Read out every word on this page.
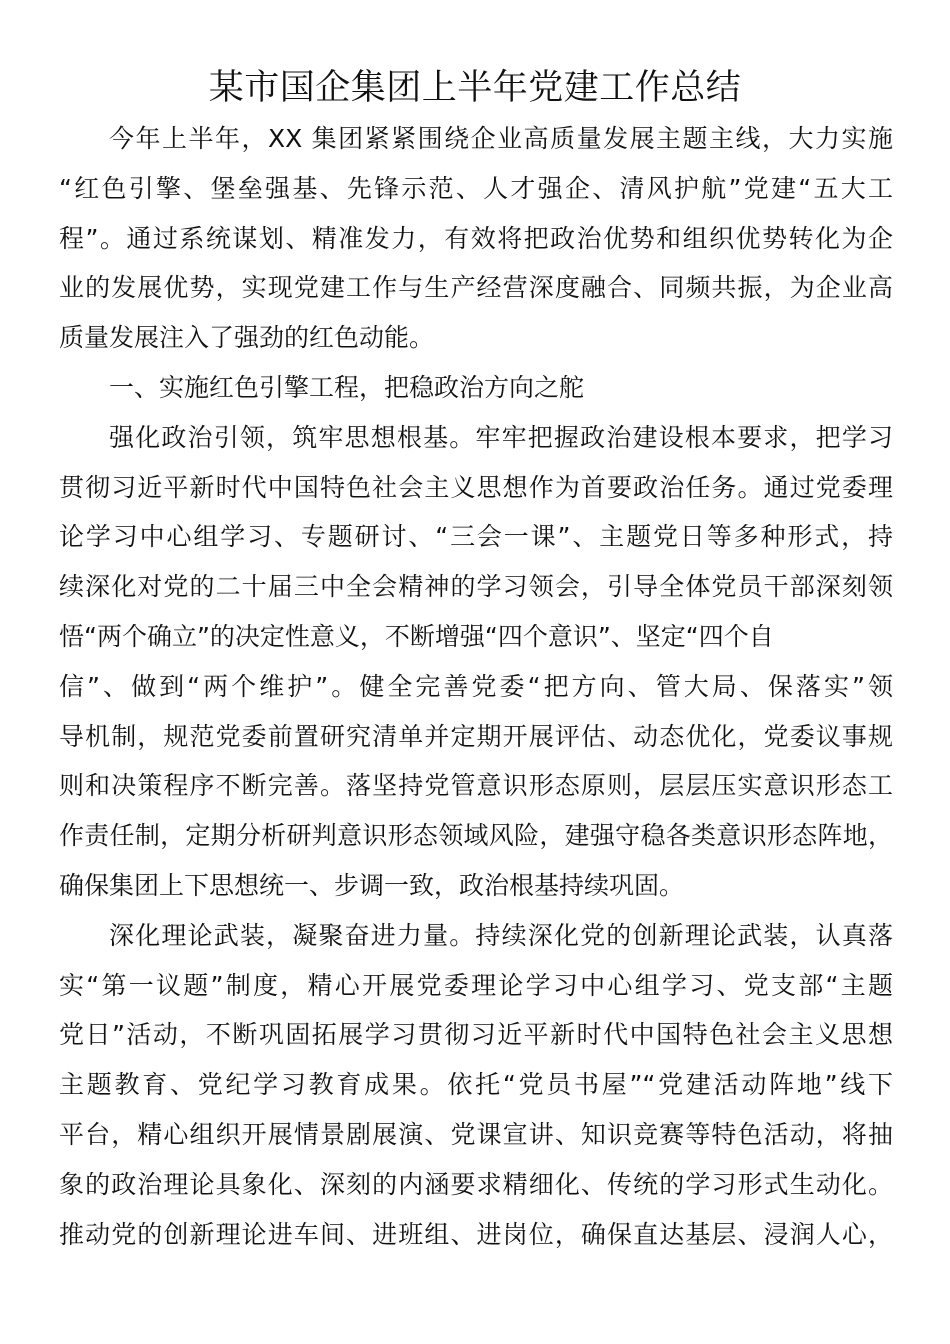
某市国企集团上半年党建工作总结
今年上半年，XX 集团紧紧围绕企业高质量发展主题主线，大力实施
“红色引擎、堡垒强基、先锋示范、人才强企、清风护航”党建“五大工
程”。通过系统谋划、精准发力，有效将把政治优势和组织优势转化为企
业的发展优势，实现党建工作与生产经营深度融合、同频共振，为企业高
质量发展注入了强劲的红色动能。
一、实施红色引擎工程，把稳政治方向之舵
强化政治引领，筑牢思想根基。牢牢把握政治建设根本要求，把学习
贯彻习近平新时代中国特色社会主义思想作为首要政治任务。通过党委理
论学习中心组学习、专题研讨、“三会一课”、主题党日等多种形式，持
续深化对党的二十届三中全会精神的学习领会，引导全体党员干部深刻领
悟“两个确立”的决定性意义，不断增强“四个意识”、坚定“四个自
信”、做到“两个维护”。健全完善党委“把方向、管大局、保落实”领
导机制，规范党委前置研究清单并定期开展评估、动态优化，党委议事规
则和决策程序不断完善。落坚持党管意识形态原则，层层压实意识形态工
作责任制，定期分析研判意识形态领域风险，建强守稳各类意识形态阵地，
确保集团上下思想统一、步调一致，政治根基持续巩固。
深化理论武装，凝聚奋进力量。持续深化党的创新理论武装，认真落
实“第一议题”制度，精心开展党委理论学习中心组学习、党支部“主题
党日”活动，不断巩固拓展学习贯彻习近平新时代中国特色社会主义思想
主题教育、党纪学习教育成果。依托“党员书屋”“党建活动阵地”线下
平台，精心组织开展情景剧展演、党课宣讲、知识竞赛等特色活动，将抽
象的政治理论具象化、深刻的内涵要求精细化、传统的学习形式生动化。
推动党的创新理论进车间、进班组、进岗位，确保直达基层、浸润人心，
